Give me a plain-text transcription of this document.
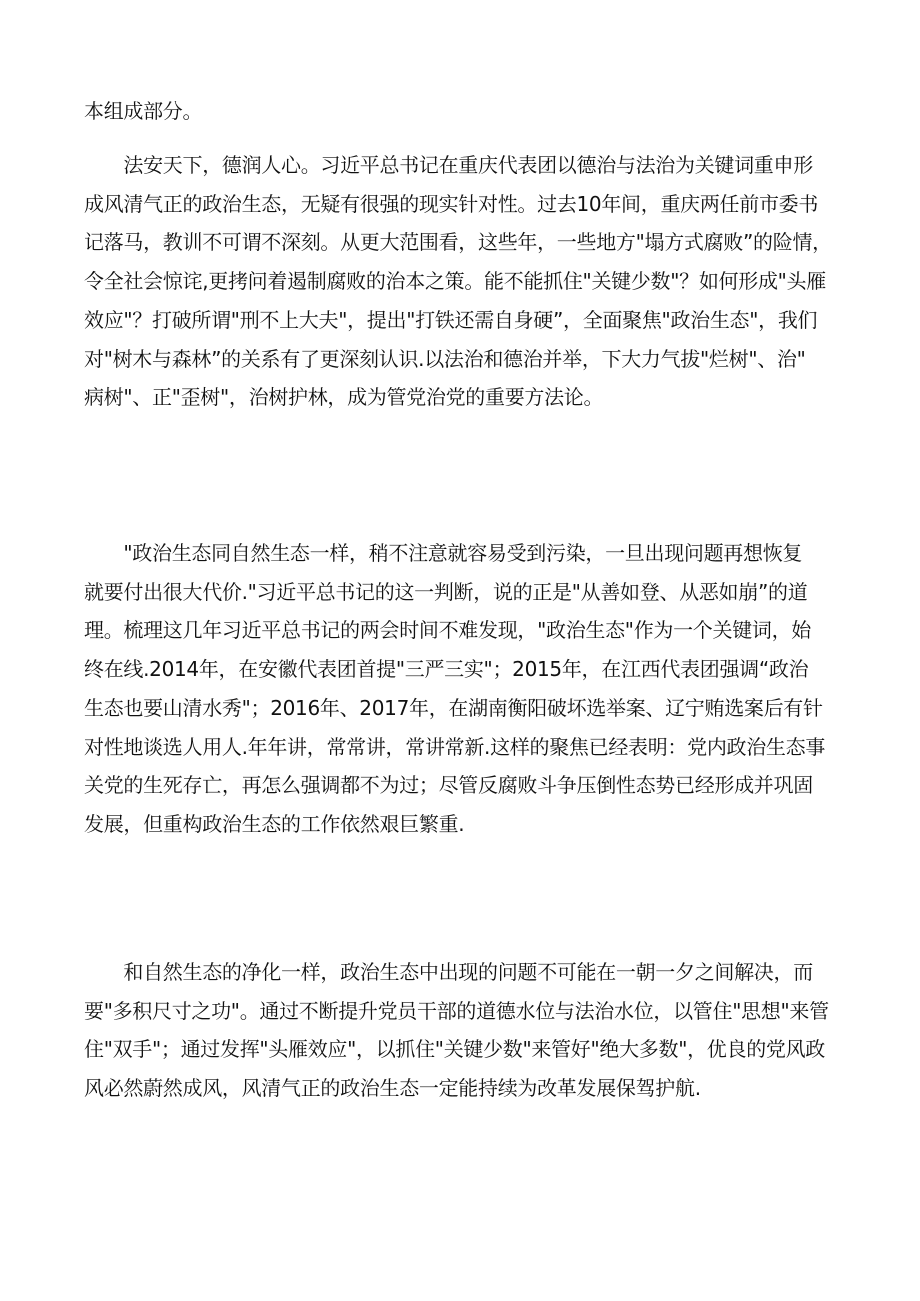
本组成部分。

　　法安天下，德润人心。习近平总书记在重庆代表团以德治与法治为关键词重申形
成风清气正的政治生态，无疑有很强的现实针对性。过去10年间，重庆两任前市委书
记落马，教训不可谓不深刻。从更大范围看，这些年，一些地方"塌方式腐败”的险情，
令全社会惊诧,更拷问着遏制腐败的治本之策。能不能抓住"关键少数"？如何形成"头雁
效应"？打破所谓"刑不上大夫"，提出"打铁还需自身硬”，全面聚焦"政治生态"，我们
对"树木与森林”的关系有了更深刻认识.以法治和德治并举，下大力气拔"烂树"、治"
病树"、正"歪树"，治树护林，成为管党治党的重要方法论。

　　"政治生态同自然生态一样，稍不注意就容易受到污染，一旦出现问题再想恢复
就要付出很大代价."习近平总书记的这一判断，说的正是"从善如登、从恶如崩”的道
理。梳理这几年习近平总书记的两会时间不难发现，"政治生态"作为一个关键词，始
终在线.2014年，在安徽代表团首提"三严三实"；2015年，在江西代表团强调“政治
生态也要山清水秀"；2016年、2017年，在湖南衡阳破坏选举案、辽宁贿选案后有针
对性地谈选人用人.年年讲，常常讲，常讲常新.这样的聚焦已经表明：党内政治生态事
关党的生死存亡，再怎么强调都不为过；尽管反腐败斗争压倒性态势已经形成并巩固
发展，但重构政治生态的工作依然艰巨繁重.

　　和自然生态的净化一样，政治生态中出现的问题不可能在一朝一夕之间解决，而
要"多积尺寸之功"。通过不断提升党员干部的道德水位与法治水位，以管住"思想"来管
住"双手"；通过发挥"头雁效应"，以抓住"关键少数"来管好"绝大多数"，优良的党风政
风必然蔚然成风，风清气正的政治生态一定能持续为改革发展保驾护航.
